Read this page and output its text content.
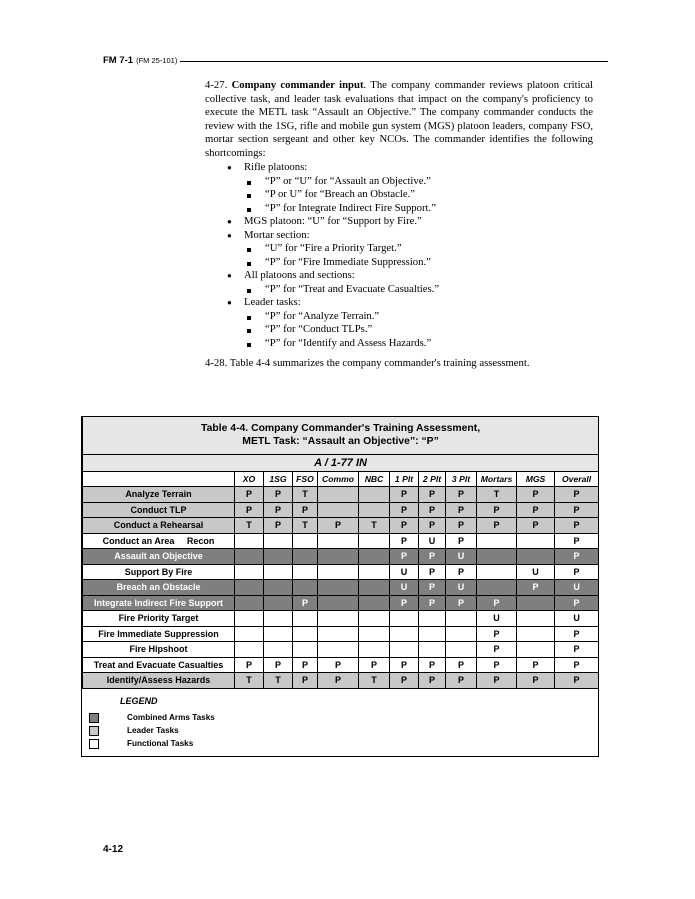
FM 7-1 (FM 25-101)

4-27. Company commander input. The company commander reviews platoon critical collective task, and leader task evaluations that impact on the company's proficiency to execute the METL task “Assault an Objective.” The company commander conducts the review with the 1SG, rifle and mobile gun system (MGS) platoon leaders, company FSO, mortar section sergeant and other key NCOs. The commander identifies the following shortcomings:

● Rifle platoons:
“P” or “U” for “Assault an Objective.”
“P or U” for “Breach an Obstacle.”
“P” for Integrate Indirect Fire Support.”
● MGS platoon: “U” for “Support by Fire.”
● Mortar section:
“U” for “Fire a Priority Target.”
“P” for “Fire Immediate Suppression.”
● All platoons and sections:
“P” for “Treat and Evacuate Casualties.”
● Leader tasks:
“P” for “Analyze Terrain.”
“P” for “Conduct TLPs.”
“P” for “Identify and Assess Hazards.”

4-28. Table 4-4 summarizes the company commander's training assessment.

Table 4-4. Company Commander's Training Assessment,
METL Task: “Assault an Objective”: “P”											
A / 1-77 IN											
	XO	1SG	FSO	Commo	NBC	1 Plt	2 Plt	3 Plt	Mortars	MGS	Overall
Analyze Terrain	P	P	T			P	P	P	T	P	P
Conduct TLP	P	P	P			P	P	P	P	P	P
Conduct a Rehearsal	T	P	T	P	T	P	P	P	P	P	P
Conduct an Area     Recon						P	U	P			P
Assault an Objective						P	P	U			P
Support By Fire						U	P	P		U	P
Breach an Obstacle						U	P	U		P	U
Integrate Indirect Fire Support			P			P	P	P	P		P
Fire Priority Target									U		U
Fire Immediate Suppression									P		P
Fire Hipshoot									P		P
Treat and Evacuate Casualties	P	P	P	P	P	P	P	P	P	P	P
Identify/Assess Hazards	T	T	P	P	T	P	P	P	P	P	P
LEGEND
Combined Arms Tasks
Leader Tasks
Functional Tasks
4-12
